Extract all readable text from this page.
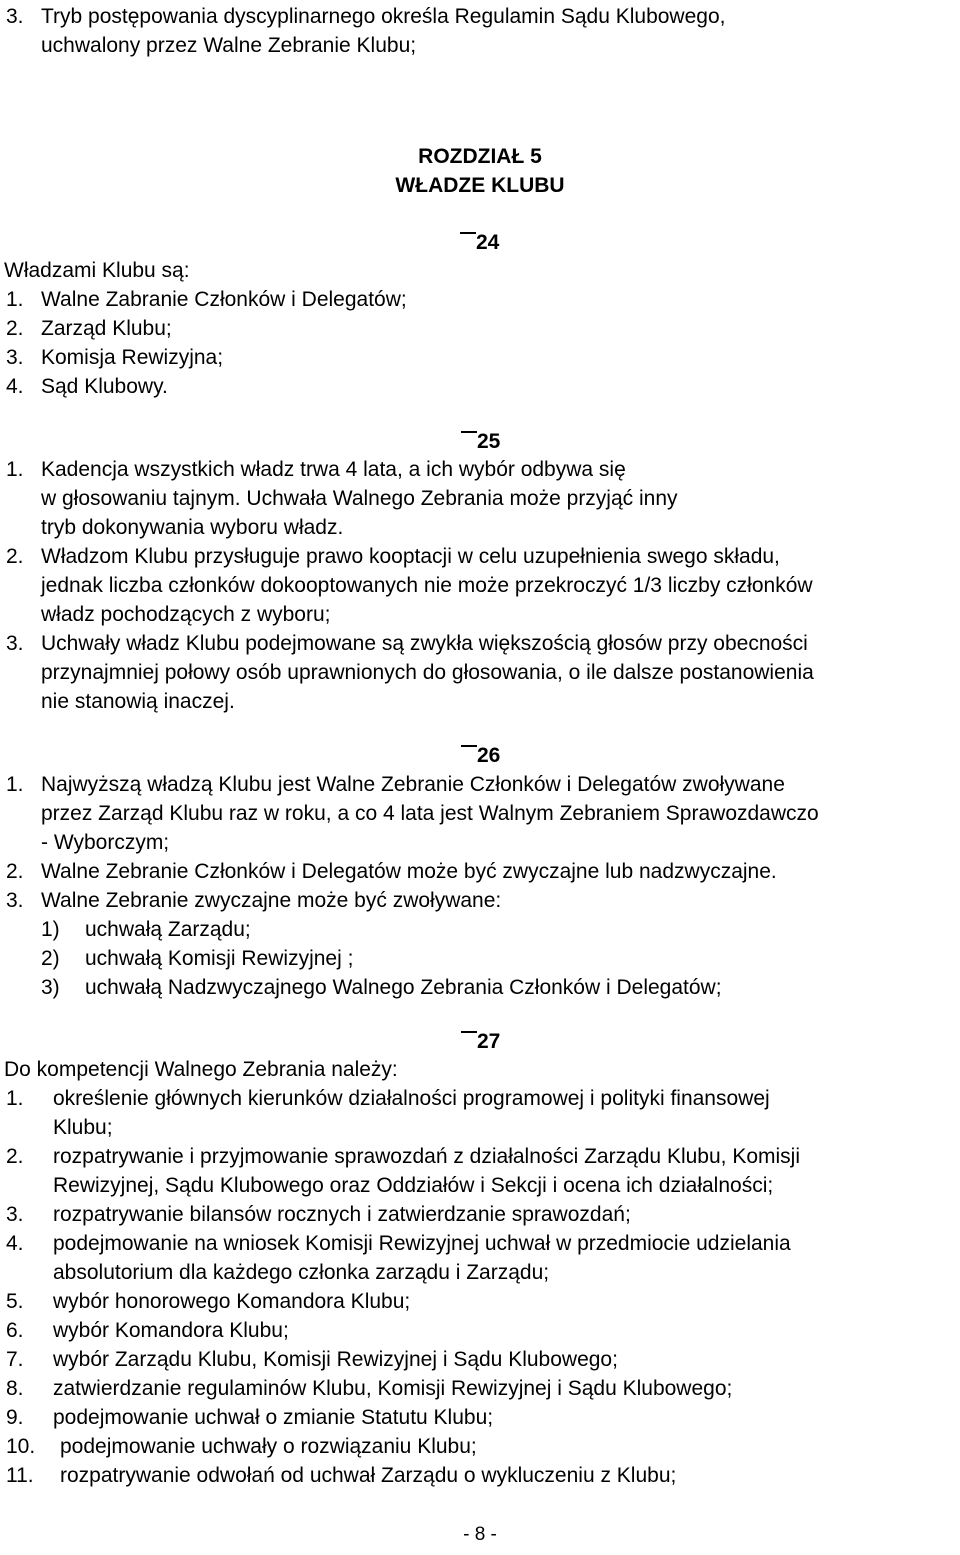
3. Tryb postępowania dyscyplinarnego określa Regulamin Sądu Klubowego,
uchwalony przez Walne Zebranie Klubu;
ROZDZIAŁ 5
WŁADZE KLUBU
24
Władzami Klubu są:
1. Walne Zabranie Członków i Delegatów;
2. Zarząd Klubu;
3. Komisja Rewizyjna;
4. Sąd Klubowy.
25
1. Kadencja wszystkich władz trwa 4 lata, a ich wybór odbywa się
w głosowaniu tajnym. Uchwała Walnego Zebrania może przyjąć inny
tryb dokonywania wyboru władz.
2. Władzom Klubu przysługuje prawo kooptacji w celu uzupełnienia swego składu,
jednak liczba członków dokooptowanych nie może przekroczyć 1/3 liczby członków
władz pochodzących z wyboru;
3. Uchwały władz Klubu podejmowane są zwykła większością głosów przy obecności
przynajmniej połowy osób uprawnionych do głosowania, o ile dalsze postanowienia
nie stanowią inaczej.
26
1. Najwyższą władzą Klubu jest Walne Zebranie Członków i Delegatów zwoływane
przez Zarząd Klubu raz w roku, a co 4 lata jest Walnym Zebraniem Sprawozdawczo
- Wyborczym;
2. Walne Zebranie Członków i Delegatów może być zwyczajne lub nadzwyczajne.
3. Walne Zebranie zwyczajne może być zwoływane:
1) uchwałą Zarządu;
2) uchwałą Komisji Rewizyjnej ;
3) uchwałą Nadzwyczajnego Walnego Zebrania Członków i Delegatów;
27
Do kompetencji Walnego Zebrania należy:
1. określenie głównych kierunków działalności programowej i polityki finansowej
Klubu;
2. rozpatrywanie i przyjmowanie sprawozdań z działalności Zarządu Klubu, Komisji
Rewizyjnej, Sądu Klubowego oraz Oddziałów i Sekcji i ocena ich działalności;
3. rozpatrywanie bilansów rocznych i zatwierdzanie sprawozdań;
4. podejmowanie na wniosek Komisji Rewizyjnej uchwał w przedmiocie udzielania
absolutorium dla każdego członka zarządu i Zarządu;
5. wybór honorowego Komandora Klubu;
6. wybór Komandora Klubu;
7. wybór Zarządu Klubu, Komisji Rewizyjnej i Sądu Klubowego;
8. zatwierdzanie regulaminów Klubu, Komisji Rewizyjnej i Sądu Klubowego;
9. podejmowanie uchwał o zmianie Statutu Klubu;
10. podejmowanie uchwały o rozwiązaniu Klubu;
11. rozpatrywanie odwołań od uchwał Zarządu o wykluczeniu z Klubu;
- 8 -
